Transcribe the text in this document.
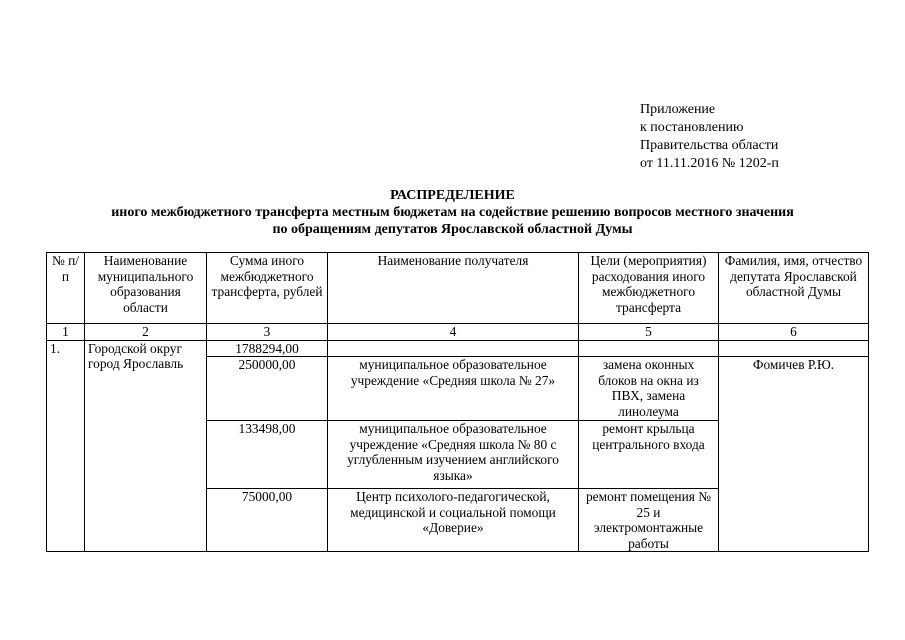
Приложение
к постановлению
Правительства области
от 11.11.2016 № 1202-п
РАСПРЕДЕЛЕНИЕ
иного межбюджетного трансферта местным бюджетам на содействие решению вопросов местного значения
по обращениям депутатов Ярославской областной Думы
№ п/п	Наименование муниципального образования области	Сумма иного межбюджетного трансферта, рублей	Наименование получателя	Цели (мероприятия) расходования иного межбюджетного трансферта	Фамилия, имя, отчество депутата Ярославской областной Думы
1	2	3	4	5	6
1.	Городской округ город Ярославль	1788294,00			
		250000,00	муниципальное образовательное учреждение «Средняя школа № 27»	замена оконных блоков на окна из ПВХ, замена линолеума	Фомичев Р.Ю.
		133498,00	муниципальное образовательное учреждение «Средняя школа № 80 с углубленным изучением английского языка»	ремонт крыльца центрального входа	
		75000,00	Центр психолого-педагогической, медицинской и социальной помощи «Доверие»	ремонт помещения № 25 и электромонтажные работы	
